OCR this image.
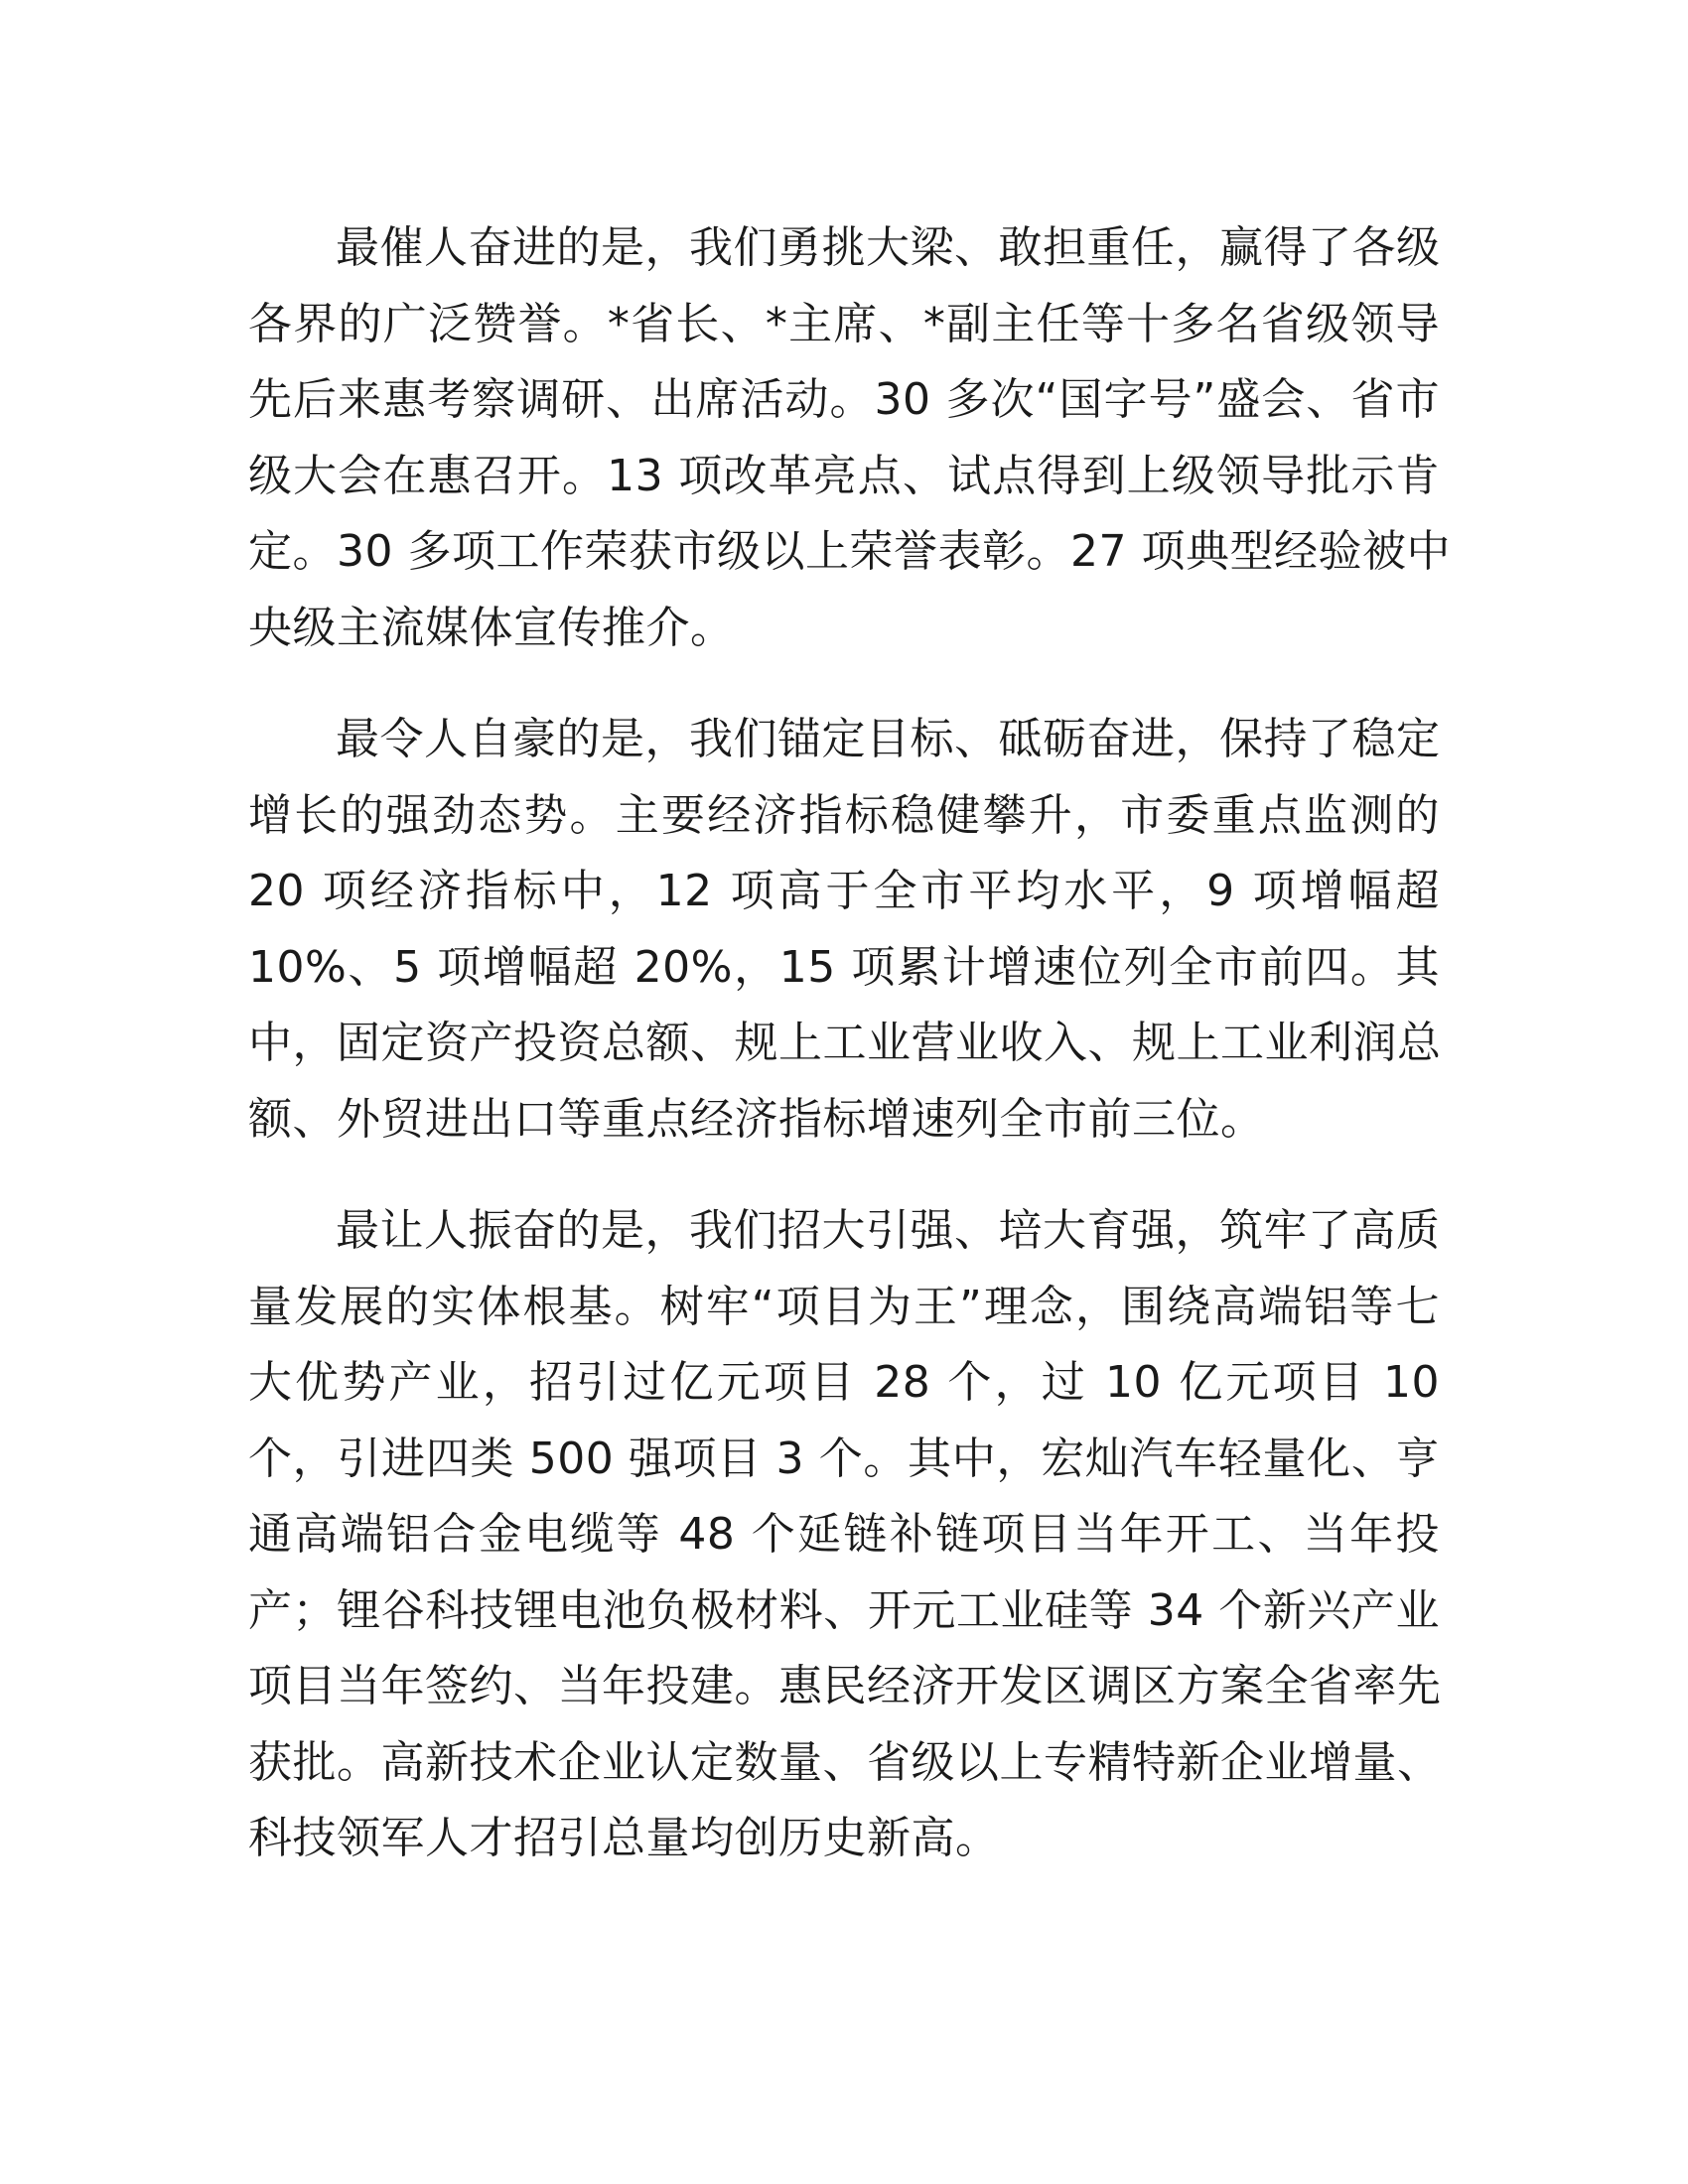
最催人奋进的是，我们勇挑大梁、敢担重任，赢得了各级
各界的广泛赞誉。*省长、*主席、*副主任等十多名省级领导
先后来惠考察调研、出席活动。30 多次“国字号”盛会、省市
级大会在惠召开。13 项改革亮点、试点得到上级领导批示肯
定。30 多项工作荣获市级以上荣誉表彰。27 项典型经验被中
央级主流媒体宣传推介。
最令人自豪的是，我们锚定目标、砥砺奋进，保持了稳定
增长的强劲态势。主要经济指标稳健攀升，市委重点监测的
20 项经济指标中，12 项高于全市平均水平，9 项增幅超
10%、5 项增幅超 20%，15 项累计增速位列全市前四。其
中，固定资产投资总额、规上工业营业收入、规上工业利润总
额、外贸进出口等重点经济指标增速列全市前三位。
最让人振奋的是，我们招大引强、培大育强，筑牢了高质
量发展的实体根基。树牢“项目为王”理念，围绕高端铝等七
大优势产业，招引过亿元项目 28 个，过 10 亿元项目 10
个，引进四类 500 强项目 3 个。其中，宏灿汽车轻量化、亨
通高端铝合金电缆等 48 个延链补链项目当年开工、当年投
产；锂谷科技锂电池负极材料、开元工业硅等 34 个新兴产业
项目当年签约、当年投建。惠民经济开发区调区方案全省率先
获批。高新技术企业认定数量、省级以上专精特新企业增量、
科技领军人才招引总量均创历史新高。
